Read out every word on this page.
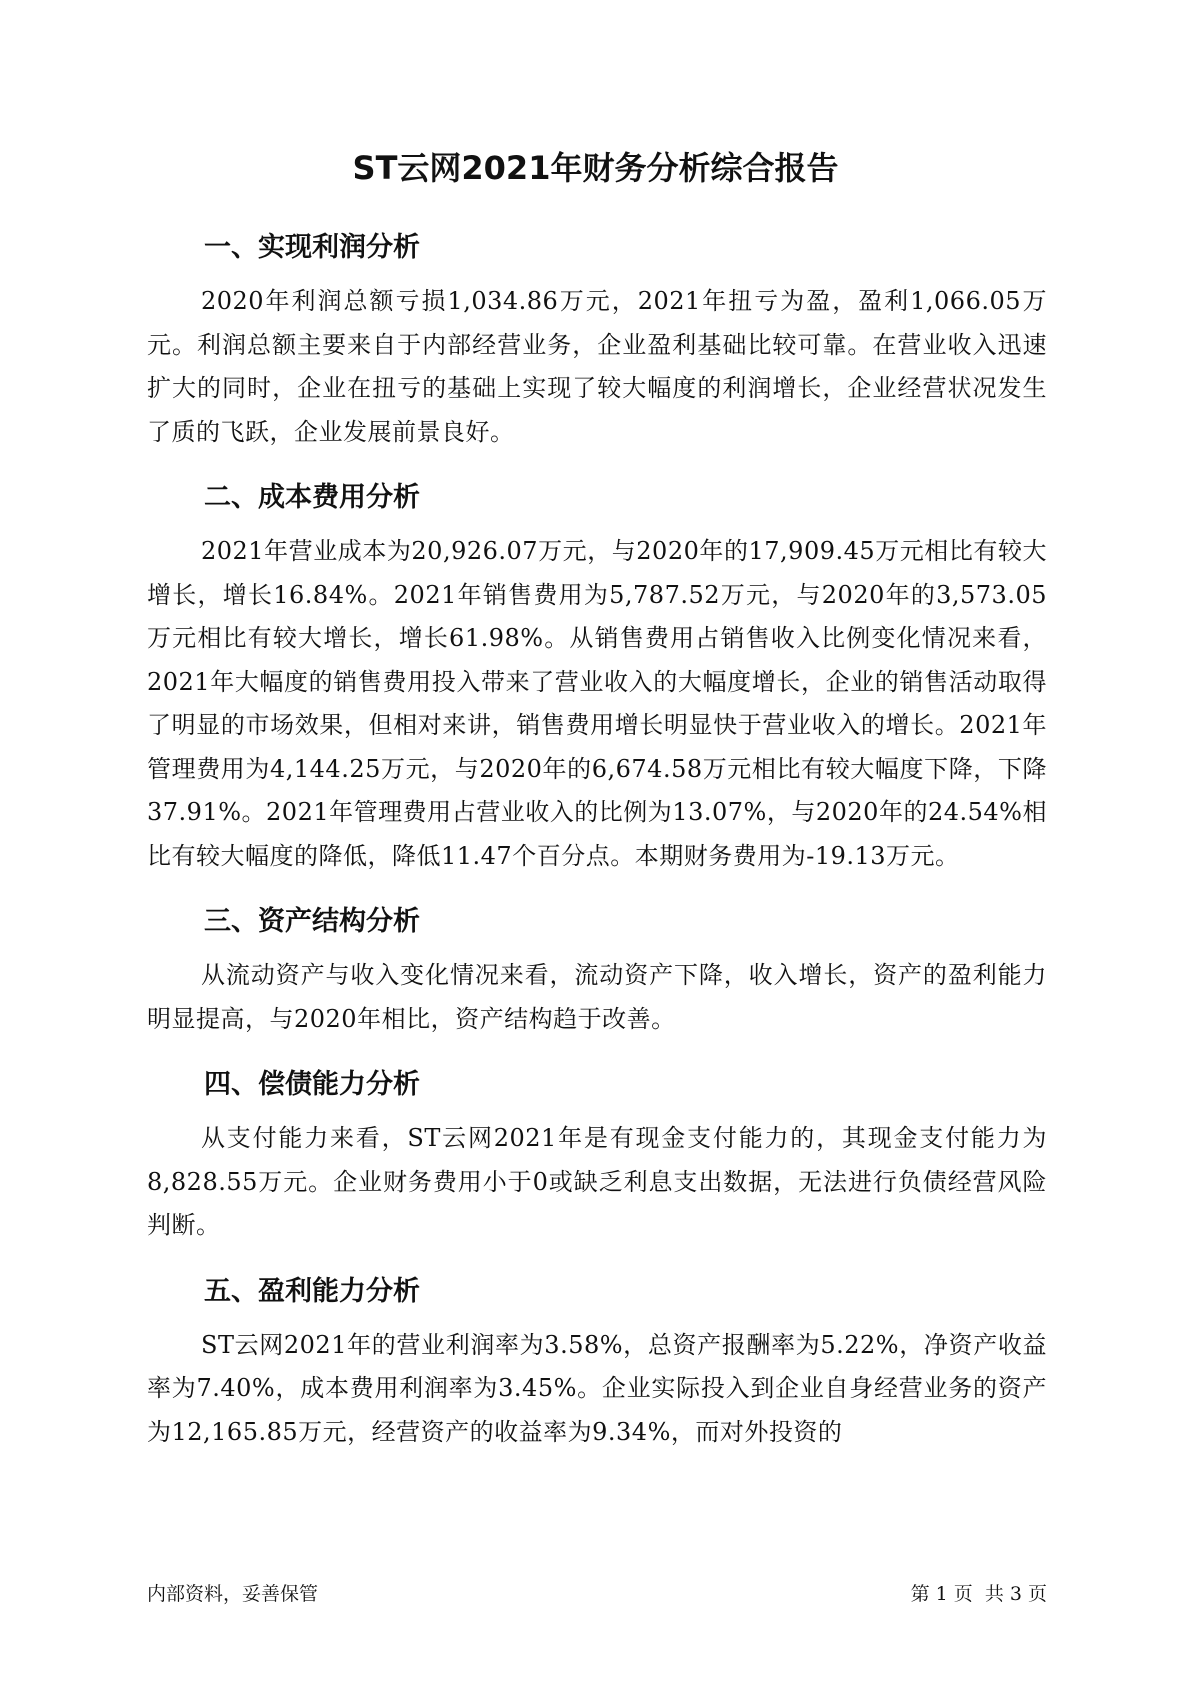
ST云网2021年财务分析综合报告
一、实现利润分析

2020年利润总额亏损1,034.86万元，2021年扭亏为盈，盈利1,066.05万元。利润总额主要来自于内部经营业务，企业盈利基础比较可靠。在营业收入迅速扩大的同时，企业在扭亏的基础上实现了较大幅度的利润增长，企业经营状况发生了质的飞跃，企业发展前景良好。

二、成本费用分析

2021年营业成本为20,926.07万元，与2020年的17,909.45万元相比有较大增长，增长16.84%。2021年销售费用为5,787.52万元，与2020年的3,573.05万元相比有较大增长，增长61.98%。从销售费用占销售收入比例变化情况来看，2021年大幅度的销售费用投入带来了营业收入的大幅度增长，企业的销售活动取得了明显的市场效果，但相对来讲，销售费用增长明显快于营业收入的增长。2021年管理费用为4,144.25万元，与2020年的6,674.58万元相比有较大幅度下降，下降37.91%。2021年管理费用占营业收入的比例为13.07%，与2020年的24.54%相比有较大幅度的降低，降低11.47个百分点。本期财务费用为-19.13万元。

三、资产结构分析

从流动资产与收入变化情况来看，流动资产下降，收入增长，资产的盈利能力明显提高，与2020年相比，资产结构趋于改善。

四、偿债能力分析

从支付能力来看，ST云网2021年是有现金支付能力的，其现金支付能力为8,828.55万元。企业财务费用小于0或缺乏利息支出数据，无法进行负债经营风险判断。

五、盈利能力分析

ST云网2021年的营业利润率为3.58%，总资产报酬率为5.22%，净资产收益率为7.40%，成本费用利润率为3.45%。企业实际投入到企业自身经营业务的资产为12,165.85万元，经营资产的收益率为9.34%，而对外投资的

内部资料，妥善保管	第 1 页 共 3 页
